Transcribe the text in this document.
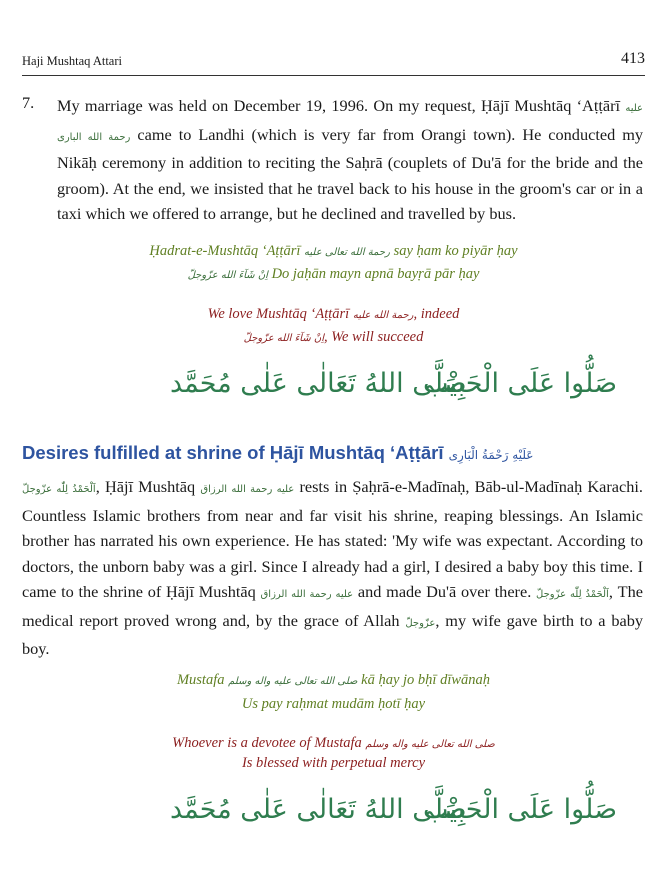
Haji Mushtaq Attari	413
7. My marriage was held on December 19, 1996. On my request, Ḥājī Mushtāq ʻAṭṭārī عليه رحمة الله البارى came to Landhi (which is very far from Orangi town). He conducted my Nikāḥ ceremony in addition to reciting the Saḥrā (couplets of Du'ā for the bride and the groom). At the end, we insisted that he travel back to his house in the groom's car or in a taxi which we offered to arrange, but he declined and travelled by bus.
Ḥadrat-e-Mushtāq ʻAṭṭārī رحمة الله تعالى عليه say ḥam ko piyār ḥay
اِنْ شَآءَ الله عزّوجلّ Do jaḥān mayn apnā bayṛā pār ḥay
We love Mushtāq ʻAṭṭārī رحمة الله عليه, indeed
اِنْ شَآءَ الله عزّوجلّ, We will succeed
صَلُّوا عَلَى الْحَبِيْب
صَلَّى اللهُ تَعَالٰى عَلٰى مُحَمَّد
Desires fulfilled at shrine of Ḥājī Mushtāq ʻAṭṭārī عَلَيْهِ رَحْمَةُ الْبَارِى
اَلْحَمْدُ لِلّٰه عزّوجلّ, Ḥājī Mushtāq عليه رحمة الله الرزاق rests in Ṣaḥrā-e-Madīnaḥ, Bāb-ul-Madīnaḥ Karachi. Countless Islamic brothers from near and far visit his shrine, reaping blessings. An Islamic brother has narrated his own experience. He has stated: 'My wife was expectant. According to doctors, the unborn baby was a girl. Since I already had a girl, I desired a baby boy this time. I came to the shrine of Ḥājī Mushtāq عليه رحمة الله الرزاق and made Du'ā over there. اَلْحَمْدُ لِلّٰه عزّوجلّ, The medical report proved wrong and, by the grace of Allah عزّوجلّ, my wife gave birth to a baby boy.
Mustafa صلى الله تعالى عليه واله وسلم kā ḥay jo bḥī dīwānaḥ
Us pay raḥmat mudām ḥotī ḥay
Whoever is a devotee of Mustafa صلى الله تعالى عليه واله وسلم
Is blessed with perpetual mercy
صَلُّوا عَلَى الْحَبِيْب
صَلَّى اللهُ تَعَالٰى عَلٰى مُحَمَّد
